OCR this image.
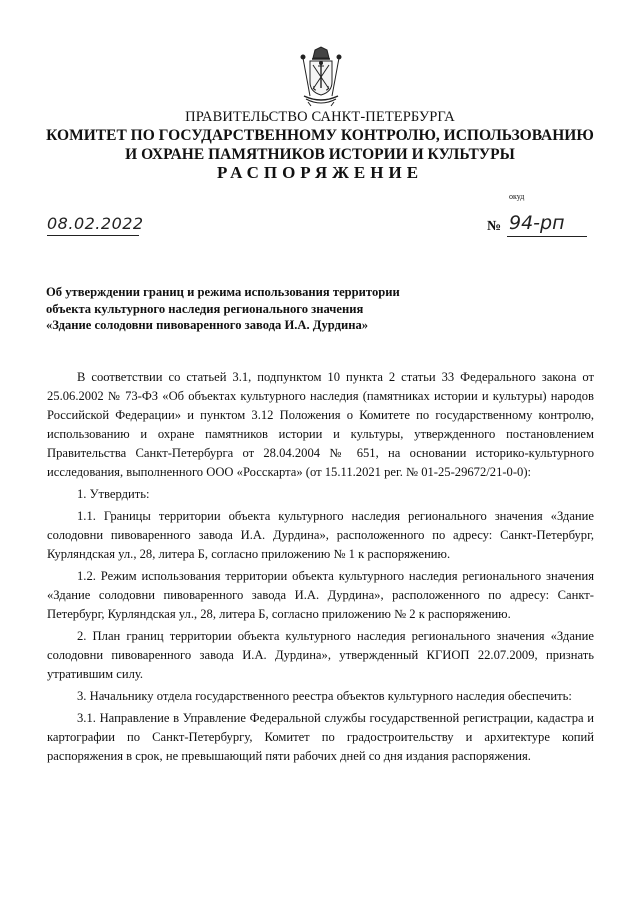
ПРАВИТЕЛЬСТВО САНКТ-ПЕТЕРБУРГА
КОМИТЕТ ПО ГОСУДАРСТВЕННОМУ КОНТРОЛЮ, ИСПОЛЬЗОВАНИЮ
И ОХРАНЕ ПАМЯТНИКОВ ИСТОРИИ И КУЛЬТУРЫ
РАСПОРЯЖЕНИЕ
окуд
08.02.2022	№ 94-рп
Об утверждении границ и режима использования территории
объекта культурного наследия регионального значения
«Здание солодовни пивоваренного завода И.А. Дурдина»

В соответствии со статьей 3.1, подпунктом 10 пункта 2 статьи 33 Федерального закона от 25.06.2002 № 73-ФЗ «Об объектах культурного наследия (памятниках истории и культуры) народов Российской Федерации» и пунктом 3.12 Положения о Комитете по государственному контролю, использованию и охране памятников истории и культуры, утвержденного постановлением Правительства Санкт-Петербурга от 28.04.2004 № 651, на основании историко-культурного исследования, выполненного ООО «Росскарта» (от 15.11.2021 рег. № 01-25-29672/21-0-0):

1. Утвердить:

1.1. Границы территории объекта культурного наследия регионального значения «Здание солодовни пивоваренного завода И.А. Дурдина», расположенного по адресу: Санкт-Петербург, Курляндская ул., 28, литера Б, согласно приложению № 1 к распоряжению.

1.2. Режим использования территории объекта культурного наследия регионального значения «Здание солодовни пивоваренного завода И.А. Дурдина», расположенного по адресу: Санкт-Петербург, Курляндская ул., 28, литера Б, согласно приложению № 2 к распоряжению.

2. План границ территории объекта культурного наследия регионального значения «Здание солодовни пивоваренного завода И.А. Дурдина», утвержденный КГИОП 22.07.2009, признать утратившим силу.

3. Начальнику отдела государственного реестра объектов культурного наследия обеспечить:

3.1. Направление в Управление Федеральной службы государственной регистрации, кадастра и картографии по Санкт-Петербургу, Комитет по градостроительству и архитектуре копий распоряжения в срок, не превышающий пяти рабочих дней со дня издания распоряжения.
